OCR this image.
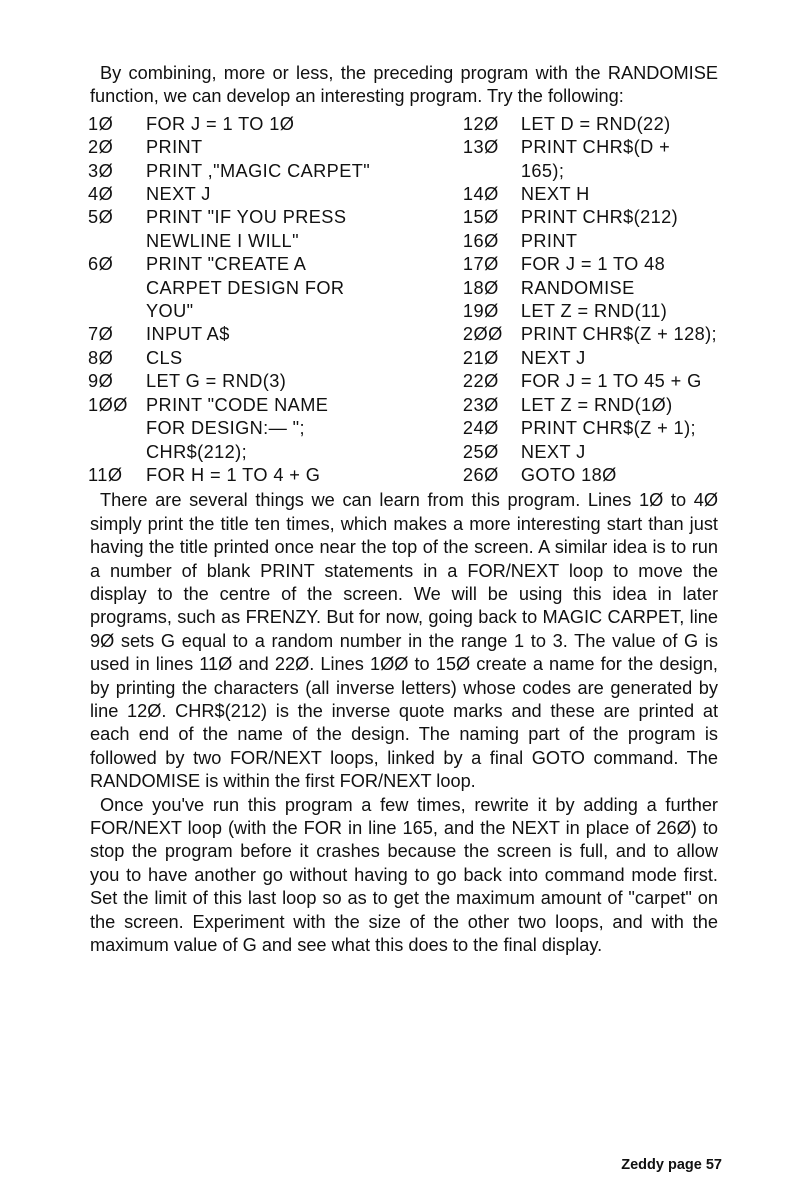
By combining, more or less, the preceding program with the RANDOMISE function, we can develop an interesting program. Try the following:

1Ø	FOR J = 1 TO 1Ø
2Ø	PRINT
3Ø	PRINT ,"MAGIC CARPET"
4Ø	NEXT J
5Ø	PRINT "IF YOU PRESS
NEWLINE I WILL"
6Ø	PRINT "CREATE A
CARPET DESIGN FOR
YOU"
7Ø	INPUT A$
8Ø	CLS
9Ø	LET G = RND(3)
1ØØ PRINT "CODE NAME
FOR DESIGN:— ";
CHR$(212);
11Ø	FOR H = 1 TO 4 + G
12Ø	LET D = RND(22)
13Ø	PRINT CHR$(D + 165);
14Ø	NEXT H
15Ø	PRINT CHR$(212)
16Ø	PRINT
17Ø	FOR J = 1 TO 48
18Ø	RANDOMISE
19Ø	LET Z = RND(11)
2ØØ PRINT CHR$(Z + 128);
21Ø	NEXT J
22Ø	FOR J = 1 TO 45 + G
23Ø	LET Z = RND(1Ø)
24Ø	PRINT CHR$(Z + 1);
25Ø	NEXT J
26Ø	GOTO 18Ø

There are several things we can learn from this program. Lines 1Ø to 4Ø simply print the title ten times, which makes a more interesting start than just having the title printed once near the top of the screen. A similar idea is to run a number of blank PRINT statements in a FOR/NEXT loop to move the display to the centre of the screen. We will be using this idea in later programs, such as FRENZY. But for now, going back to MAGIC CARPET, line 9Ø sets G equal to a random number in the range 1 to 3. The value of G is used in lines 11Ø and 22Ø. Lines 1ØØ to 15Ø create a name for the design, by printing the characters (all inverse letters) whose codes are generated by line 12Ø. CHR$(212) is the inverse quote marks and these are printed at each end of the name of the design. The naming part of the program is followed by two FOR/NEXT loops, linked by a final GOTO command. The RANDOMISE is within the first FOR/NEXT loop.

Once you've run this program a few times, rewrite it by adding a further FOR/NEXT loop (with the FOR in line 165, and the NEXT in place of 26Ø) to stop the program before it crashes because the screen is full, and to allow you to have another go without having to go back into command mode first. Set the limit of this last loop so as to get the maximum amount of "carpet" on the screen. Experiment with the size of the other two loops, and with the maximum value of G and see what this does to the final display.

Zeddy page 57
